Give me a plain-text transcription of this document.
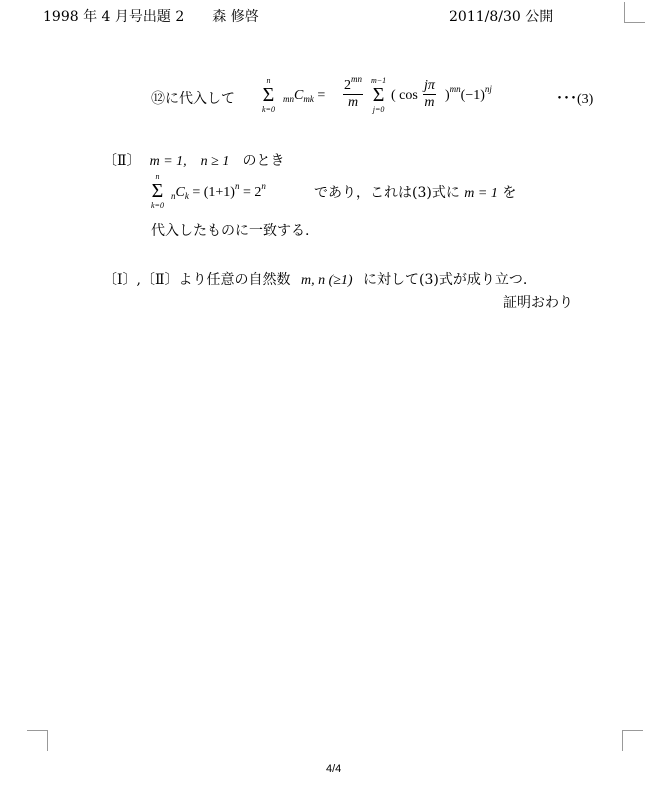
1998 年 4 月号出題 2　　森 修啓	2011/8/30 公開
⑫に代入して
n
Σ
k=0
$_{mn}C_{mk} = \frac{2^{mn}}{m} m-1$
Σ
j=0
( $\cos \frac{j\pi}{m} )^{mn}(-1)^{nj}$
･･･(3)
〔Ⅱ〕 m = 1,　n ≥ 1 のとき
n
Σ
k=0
$_nC_k = (1+1)^n = 2^n$	であり，これは(3)式に m = 1 を
代入したものに一致する.
〔Ⅰ〕,〔Ⅱ〕より任意の自然数 m, n (≥1) に対して(3)式が成り立つ.
証明おわり
4/4
